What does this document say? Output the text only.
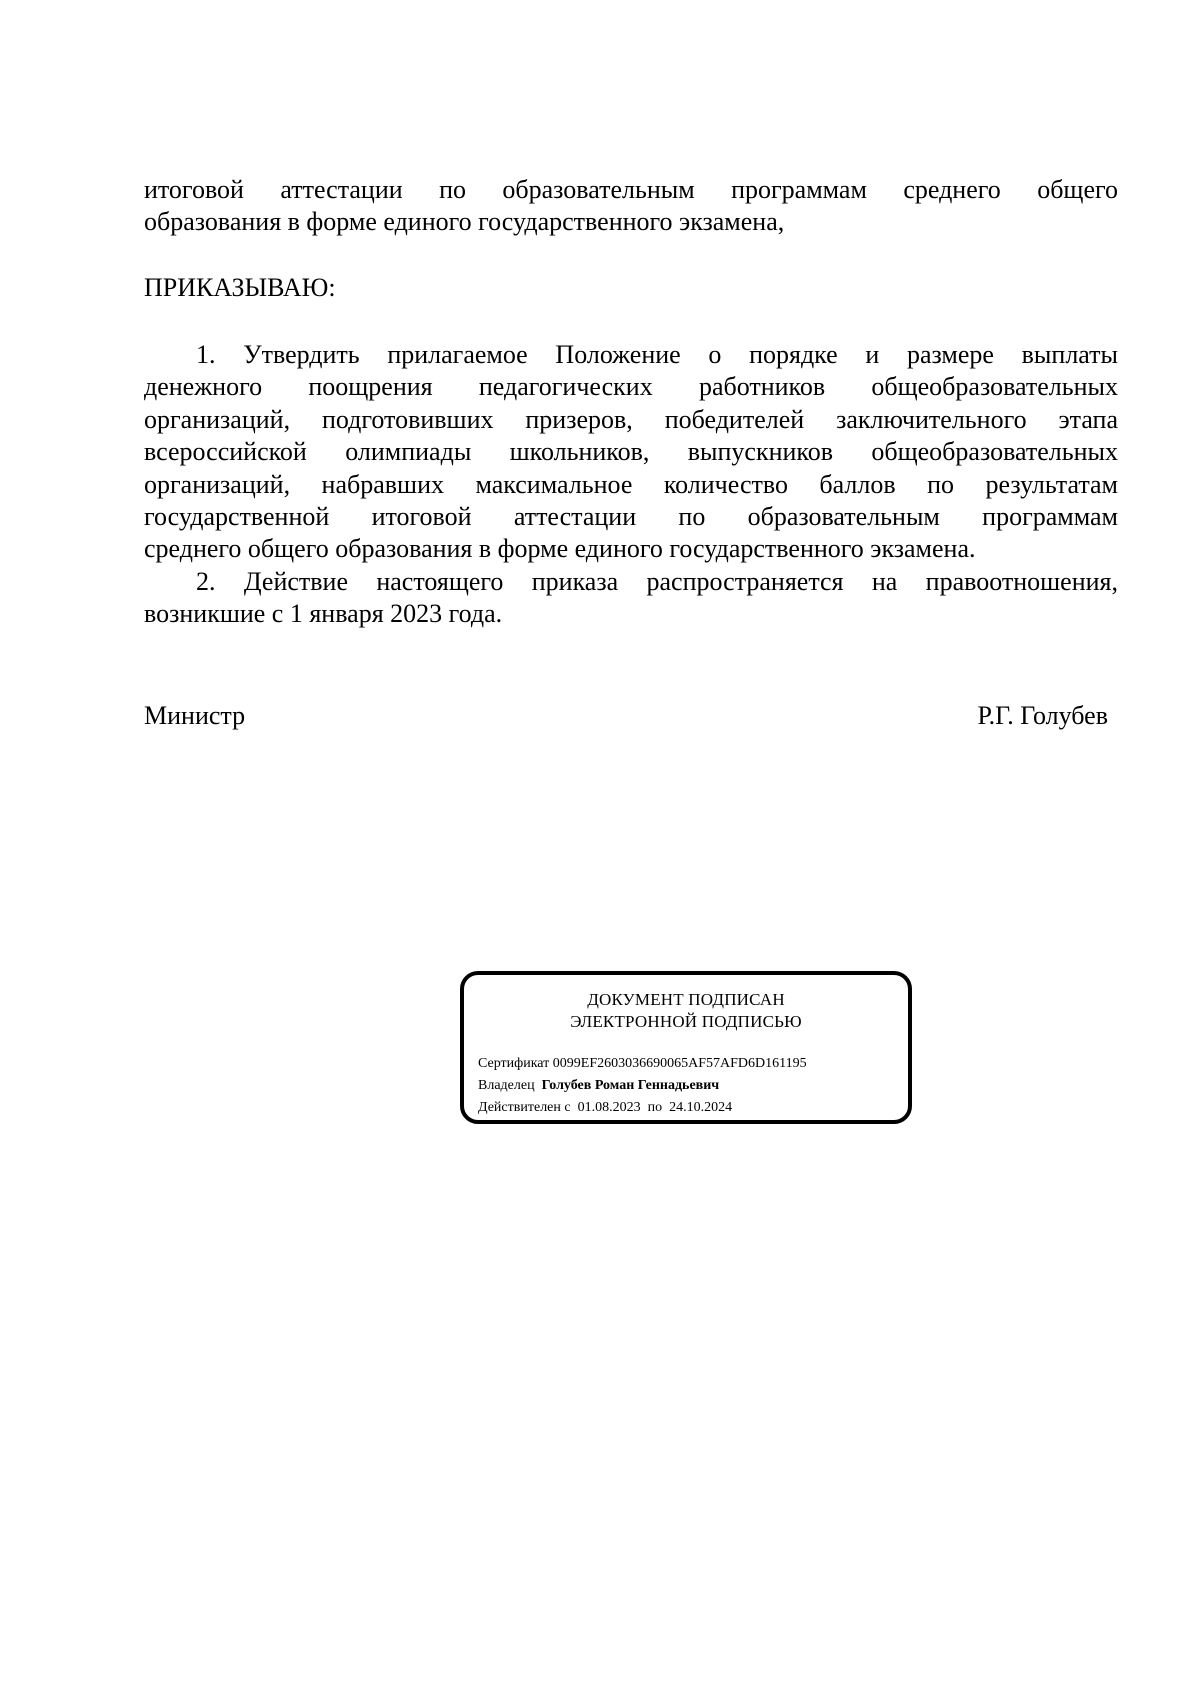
итоговой аттестации по образовательным программам среднего общего
образования в форме единого государственного экзамена,
ПРИКАЗЫВАЮ:
1. Утвердить прилагаемое Положение о порядке и размере выплаты
денежного поощрения педагогических работников общеобразовательных
организаций, подготовивших призеров, победителей заключительного этапа
всероссийской олимпиады школьников, выпускников общеобразовательных
организаций, набравших максимальное количество баллов по результатам
государственной итоговой аттестации по образовательным программам
среднего общего образования в форме единого государственного экзамена.
2. Действие настоящего приказа распространяется на правоотношения,
возникшие с 1 января 2023 года.
Министр	Р.Г. Голубев
ДОКУМЕНТ ПОДПИСАН
ЭЛЕКТРОННОЙ ПОДПИСЬЮ
Сертификат 0099EF2603036690065AF57AFD6D161195
Владелец Голубев Роман Геннадьевич
Действителен с 01.08.2023 по 24.10.2024
